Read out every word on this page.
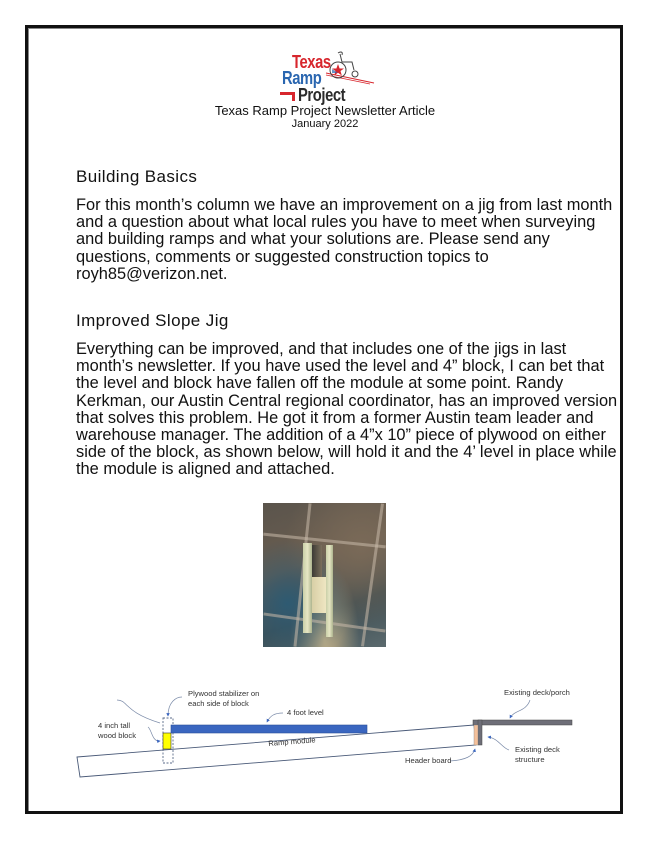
Texas
Ramp
Project
Texas Ramp Project Newsletter Article
January 2022
Building Basics
For this month’s column we have an improvement on a jig from last month
and a question about what local rules you have to meet when surveying
and building ramps and what your solutions are. Please send any
questions, comments or suggested construction topics to
royh85@verizon.net.
Improved Slope Jig
Everything can be improved, and that includes one of the jigs in last
month’s newsletter. If you have used the level and 4” block, I can bet that
the level and block have fallen off the module at some point. Randy
Kerkman, our Austin Central regional coordinator, has an improved version
that solves this problem. He got it from a former Austin team leader and
warehouse manager. The addition of a 4”x 10” piece of plywood on either
side of the block, as shown below, will hold it and the 4’ level in place while
the module is aligned and attached.
Plywood stabilizer on
each side of block
4 foot level
4 inch tall
wood block
Ramp module
Header board
Existing deck/porch
Existing deck
structure
